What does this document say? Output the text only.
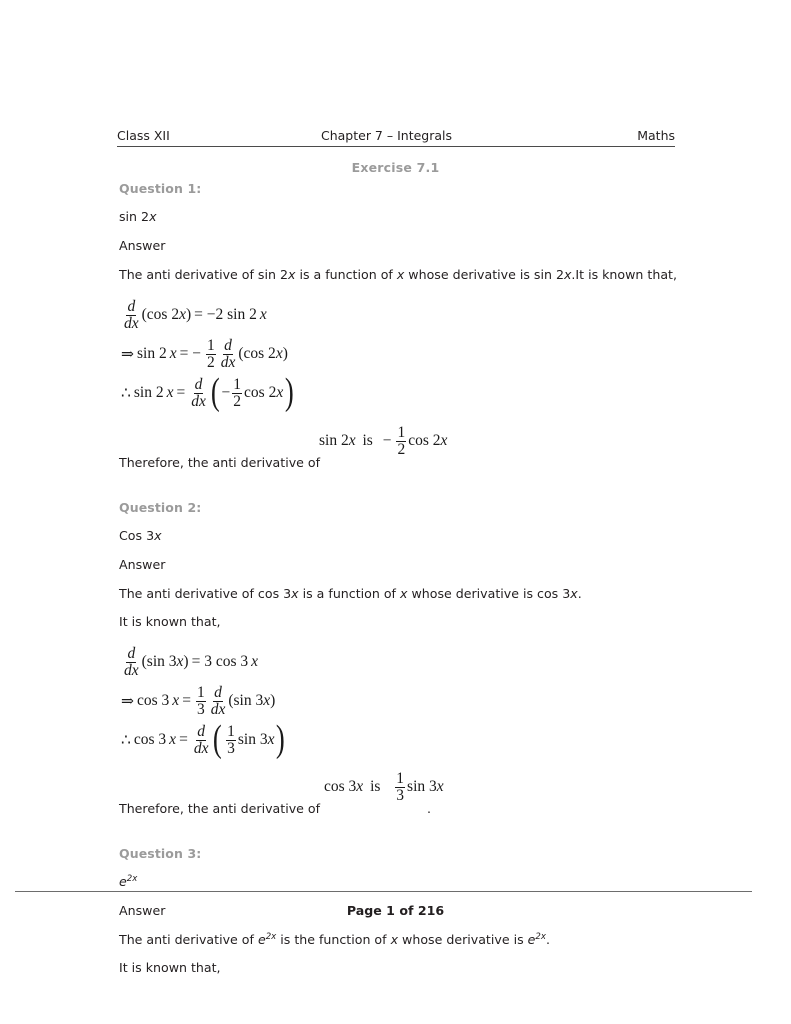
Class XII	Chapter 7 – Integrals	Maths
Exercise 7.1
Question 1:
sin 2x
Answer
The anti derivative of sin 2x is a function of x whose derivative is sin 2x.It is known that,
$\frac{d}{dx} (\cos$ 2 x ) = −2 sin 2 x
⇒ sin 2 x = − $\frac{1}{2} \frac{d}{dx} (\cos$ 2 x )
∴ sin 2 $x = \frac{d}{dx}$ ( − $\frac{1}{2}$ cos 2 x )
Therefore, the anti derivative of
sin 2x is − $\frac{1}{2}$ cos 2x
Question 2:
Cos 3x
Answer
The anti derivative of cos 3x is a function of x whose derivative is cos 3x.
It is known that,
$\frac{d}{dx} (\sin$ 3 x ) = 3 cos 3 x
⇒ cos 3 $x = \frac{1}{3} \frac{d}{dx} (\sin$ 3 x )
∴ cos 3 $x = \frac{d}{dx}$ ( $\frac{1}{3}$ sin 3 x )
Therefore, the anti derivative of
cos 3x is $\frac{1}{3}$ sin 3x
.
Question 3:
$e^{2x}$
Answer
The anti derivative of $e^{2x}$ is the function of x whose derivative is $e^{2x}$.
It is known that,
Page 1 of 216
